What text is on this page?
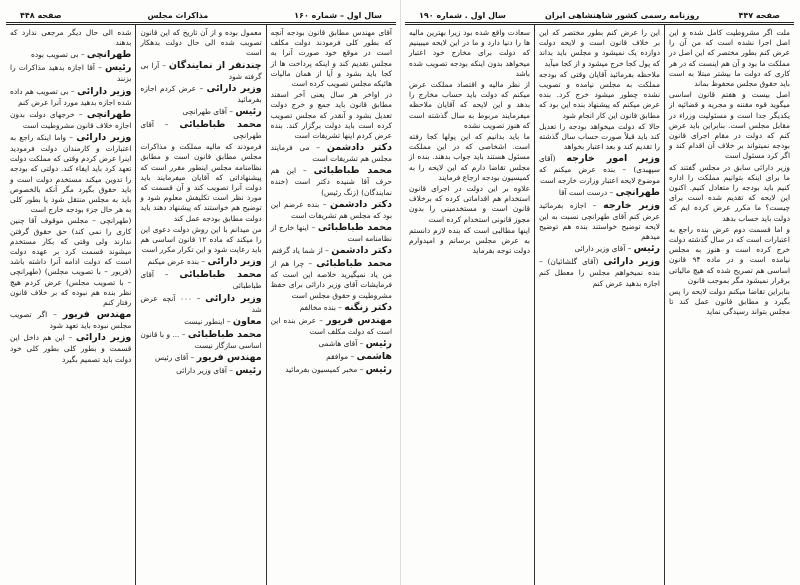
سال اول – شماره ۱۶۰
مذاکرات مجلس
صفحه ۴۴۸
آقای مهندس مطابق قانون بودجه آنچه که بطور کلی فرمودند دولت مکلف است در موقع خود صورت آنرا به مجلس تقدیم کند و اینکه پرداخت ها از کجا باید بشود و آیا از همان مالیات هائیکه مجلس تصویب کرده است
در اواخر هر سال یعنی آخر اسفند مطابق قانون باید جمع و خرج دولت تعدیل بشود و آنقدر که مجلس تصویب کرده است باید دولت برگزار کند. بنده عرض کردم اینها تشریفات است
دکتر دادشمن – می فرمایند مجلس هم تشریفات است
محمد طباطبائی – این هم حرف آقا شنیده دکتر است (خنده نمایندگان) (زنگ رئیس)
دکتر دادشمن – بنده عرضم این بود که مجلس هم تشریفات است
محمد طباطبائی – اینها خارج از نظامنامه است
دکتر دادشمن – از شما یاد گرفتم
محمد طباطبائی – چرا هم از من یاد نمیگیرید خلاصه این است که فرمایشات آقای وزیر دارائی برای حفظ مشروطیت و حقوق مجلس است
دکتر زنگنه – بنده مخالفم
مهندس فریور – عرض بنده این است که دولت مکلف است
رئیس – آقای هاشمی
هاشمی – موافقم
رئیس – مخبر کمیسیون بفرمائید
معمول بوده و از آن تاریخ که این قانون تصویب شده الی حال دولت بدهکار است
چندنفر از نمایندگان – آرا بی گرفته شود
وزیر دارائی – عرض کردم اجازه بفرمائید
رئیس – آقای طهرانچی
محمد طباطبائی – آقای طهرانچی
فرمودند که مالیه مملکت و مذاکرات مجلس مطابق قانون است و مطابق نظامنامه مجلس اینطور مقرر است که پیشنهاداتی که آقایان میفرمایند باید دولت آنرا تصویب کند و آن قسمت که مورد نظر است تکلیفش معلوم شود و توضیح هم خواستند که پیشنهاد دهند باید دولت مطابق بودجه عمل کند
من میدانم با این روش دولت دعوی این را میکند که ماده ۱۲ قانون اساسی هم باید رعایت شود و این تکرار مکرر است
وزیر دارائی – بنده عرض میکنم
محمد طباطبائی – آقای طباطبائی
وزیر دارائی – ۰۰۰ آنچه عرض شد
معاون – اینطور نیست
محمد طباطبائی – ... و با قانون اساسی سازگار نیست
مهندس فریور – آقای رئیس
رئیس – آقای وزیر دارائی
شده الی حال دیگر مرجعی ندارد که بدهند
طهرانچی – بی تصویب بوده
رئیس – آقا اجازه بدهید مذاکرات را بزنند
وزیر دارائی – بی تصویب هم داده شده اجازه بدهید مورد آنرا عرض کنم
طهرانچی – خرجهای دولت بدون اجازه خلاف قانون مشروطیت است
وزیر دارائی – واما اینکه راجع به اعتبارات و کارمندان دولت فرمودید اینرا عرض کردم وقتی که مملکت دولت تعهد کرد باید ایفاء کند. دولتی که بودجه را تدوین میکند مستخدم دولت است و باید حقوق بگیرد مگر آنکه بالخصوص باید به مجلس منتقل شود یا بطور کلی به هر حال جزء بودجه خارج است
(طهرانچی – مجلس موقوف آقا چنین کاری را نمی کند) حق حقوق گرفتن ندارند ولی وقتی که بکار مستخدم میشوند قسمت کرد بر عهده دولت است که دولت ادامه آنرا داشته باشد (فریور – با تصویب مجلس) (طهرانچی – با تصویب مجلس) عرض کردم هیچ نظر بنده هم نبوده که بر خلاف قانون رفتار کنم
مهندس فریور – اگر تصویب مجلس نبوده باید تعهد شود
وزیر دارائی – این هم داخل این قسمت و بطور کلی بطور کلی خود دولت باید تصمیم بگیرد
صفحه ۴۴۷
روزنامه رسمی کشور شاهنشاهی ایران
سال اول . شماره ۱۹۰
ملت اگر مشروطیت کامل شده و این اصل اجرا نشده است که من آن را عرض کنم بطور مختصر که این اصل در مملکت ما بود و آن هم اینست که در هر کاری که دولت ما بیشتر مبتلا به است باید حقوق مجلس محفوظ بماند
اصل بیست و هفتم قانون اساسی میگوید قوه مقننه و مجریه و قضائیه از یکدیگر جدا است و مسئولیت وزراء در مقابل مجلس است. بنابراین باید عرض کنم که دولت در مقام اجرای قانون بودجه نمیتواند بر خلاف آن اقدام کند و اگر کرد مسئول است
وزیر دارائی سابق در مجلس گفتند که ما برای اینکه بتوانیم مملکت را اداره کنیم باید بودجه را متعادل کنیم. اکنون این لایحه که تقدیم شده است برای چیست؟ ما مکرر عرض کرده ایم که دولت باید حساب بدهد
و اما قسمت دوم عرض بنده راجع به اعتبارات است که در سال گذشته دولت خرج کرده است و هنوز به مجلس نیامده است و در ماده ۹۴ قانون اساسی هم تصریح شده که هیچ مالیاتی برقرار نمیشود مگر بموجب قانون
بنابراین تقاضا میکنم دولت لایحه را پس بگیرد و مطابق قانون عمل کند تا مجلس بتواند رسیدگی نماید
این را عرض کنم بطور مختصر که این بر خلاف قانون است و لایحه دولت دوازده یک نمیشود و مجلس باید بداند که پول کجا خرج میشود و از کجا میآید
ملاحظه بفرمائید آقایان وقتی که بودجه مملکت به مجلس نیامده و تصویب نشده چطور میشود خرج کرد. بنده عرض میکنم که پیشنهاد بنده این بود که مطابق قانون این کار انجام شود
حالا که دولت میخواهد بودجه را تعدیل کند باید قبلاً صورت حساب سال گذشته را تقدیم کند و بعد اعتبار بخواهد
وزیر امور خارجه (آقای سپهبدی) – بنده عرض میکنم که موضوع لایحه اعتبار وزارت خارجه است
طهرانچی – درست است آقا
وزیر خارجه – اجازه بفرمائید عرض کنم آقای طهرانچی نسبت به این لایحه توضیح خواستند بنده هم توضیح میدهم
رئیس – آقای وزیر دارائی
وزیر دارائی (آقای گلشائیان) – بنده نمیخواهم مجلس را معطل کنم اجازه بدهید عرض کنم
سعادت واقع شده بود زیرا بهترین مالیه ها را دنیا دارد و ما در این لایحه میبینیم که دولت برای مخارج خود اعتبار میخواهد بدون اینکه بودجه تصویب شده باشد
از نظر مالیه و اقتصاد مملکت عرض میکنم که دولت باید حساب مخارج را بدهد و این لایحه که آقایان ملاحظه میفرمایند مربوط به سال گذشته است که هنوز تصویب نشده
ما باید بدانیم که این پولها کجا رفته است. اشخاصی که در این مملکت مسئول هستند باید جواب بدهند. بنده از مجلس تقاضا دارم که این لایحه را به کمیسیون بودجه ارجاع فرمایند
علاوه بر این دولت در اجرای قانون استخدام هم اقداماتی کرده که برخلاف قانون است و مستخدمینی را بدون مجوز قانونی استخدام کرده است
اینها مطالبی است که بنده لازم دانستم به عرض مجلس برسانم و امیدوارم دولت توجه بفرماید
